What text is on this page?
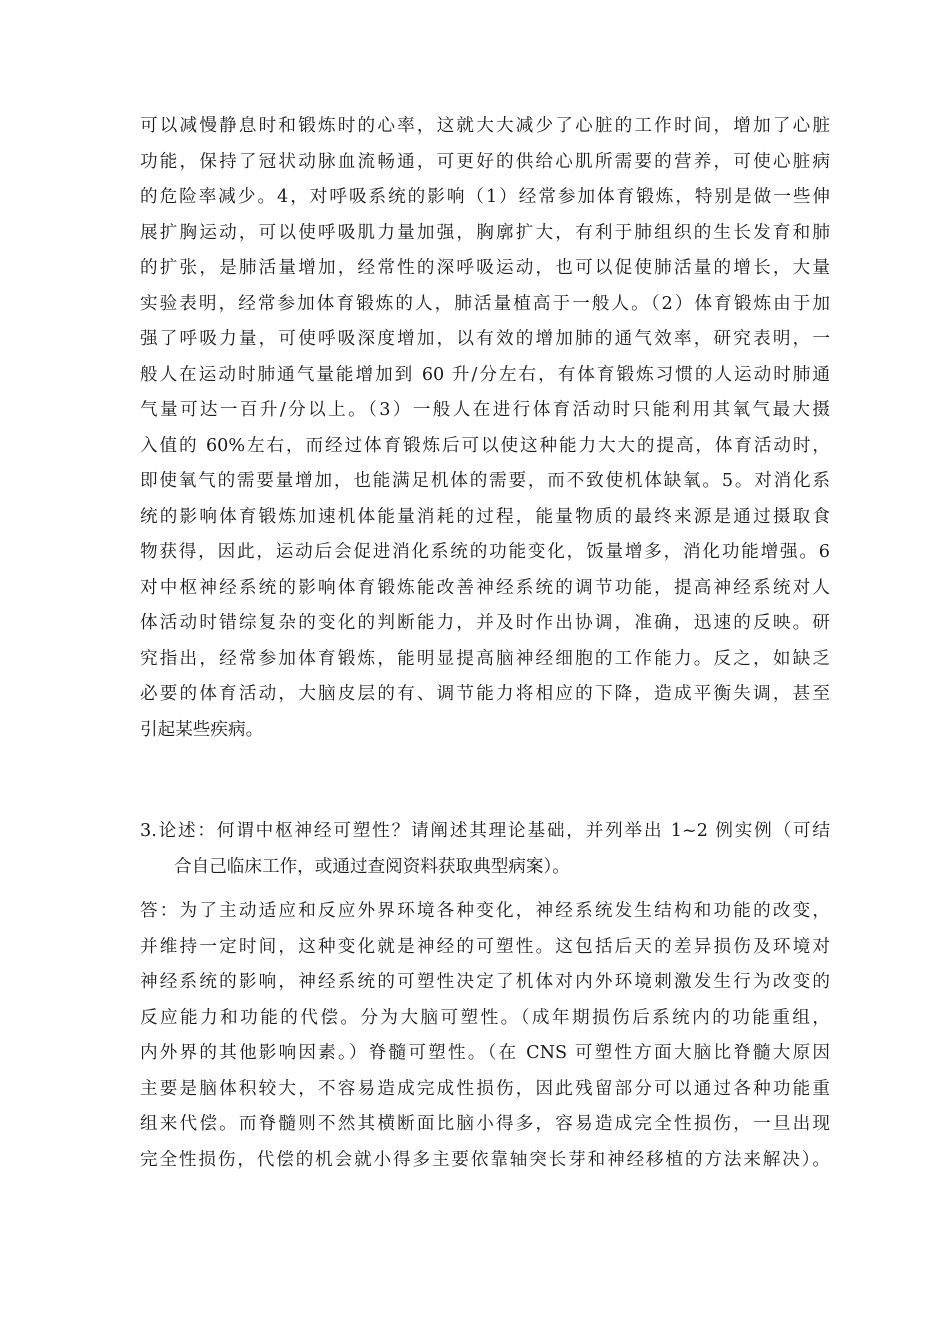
可以减慢静息时和锻炼时的心率，这就大大减少了心脏的工作时间，增加了心脏
功能，保持了冠状动脉血流畅通，可更好的供给心肌所需要的营养，可使心脏病
的危险率减少。4，对呼吸系统的影响（1）经常参加体育锻炼，特别是做一些伸
展扩胸运动，可以使呼吸肌力量加强，胸廓扩大，有利于肺组织的生长发育和肺
的扩张，是肺活量增加，经常性的深呼吸运动，也可以促使肺活量的增长，大量
实验表明，经常参加体育锻炼的人，肺活量植高于一般人。（2）体育锻炼由于加
强了呼吸力量，可使呼吸深度增加，以有效的增加肺的通气效率，研究表明，一
般人在运动时肺通气量能增加到 60 升/分左右，有体育锻炼习惯的人运动时肺通
气量可达一百升/分以上。（3）一般人在进行体育活动时只能利用其氧气最大摄
入值的 60%左右，而经过体育锻炼后可以使这种能力大大的提高，体育活动时，
即使氧气的需要量增加，也能满足机体的需要，而不致使机体缺氧。5。对消化系
统的影响体育锻炼加速机体能量消耗的过程，能量物质的最终来源是通过摄取食
物获得，因此，运动后会促进消化系统的功能变化，饭量增多，消化功能增强。6
对中枢神经系统的影响体育锻炼能改善神经系统的调节功能，提高神经系统对人
体活动时错综复杂的变化的判断能力，并及时作出协调，准确，迅速的反映。研
究指出，经常参加体育锻炼，能明显提高脑神经细胞的工作能力。反之，如缺乏
必要的体育活动，大脑皮层的有、调节能力将相应的下降，造成平衡失调，甚至
引起某些疾病。
3.论述：何谓中枢神经可塑性？请阐述其理论基础，并列举出 1~2 例实例（可结
合自己临床工作，或通过查阅资料获取典型病案）。
答：为了主动适应和反应外界环境各种变化，神经系统发生结构和功能的改变，
并维持一定时间，这种变化就是神经的可塑性。这包括后天的差异损伤及环境对
神经系统的影响，神经系统的可塑性决定了机体对内外环境刺激发生行为改变的
反应能力和功能的代偿。分为大脑可塑性。（成年期损伤后系统内的功能重组，
内外界的其他影响因素。）脊髓可塑性。（在 CNS 可塑性方面大脑比脊髓大原因
主要是脑体积较大，不容易造成完成性损伤，因此残留部分可以通过各种功能重
组来代偿。而脊髓则不然其横断面比脑小得多，容易造成完全性损伤，一旦出现
完全性损伤，代偿的机会就小得多主要依靠轴突长芽和神经移植的方法来解决）。
